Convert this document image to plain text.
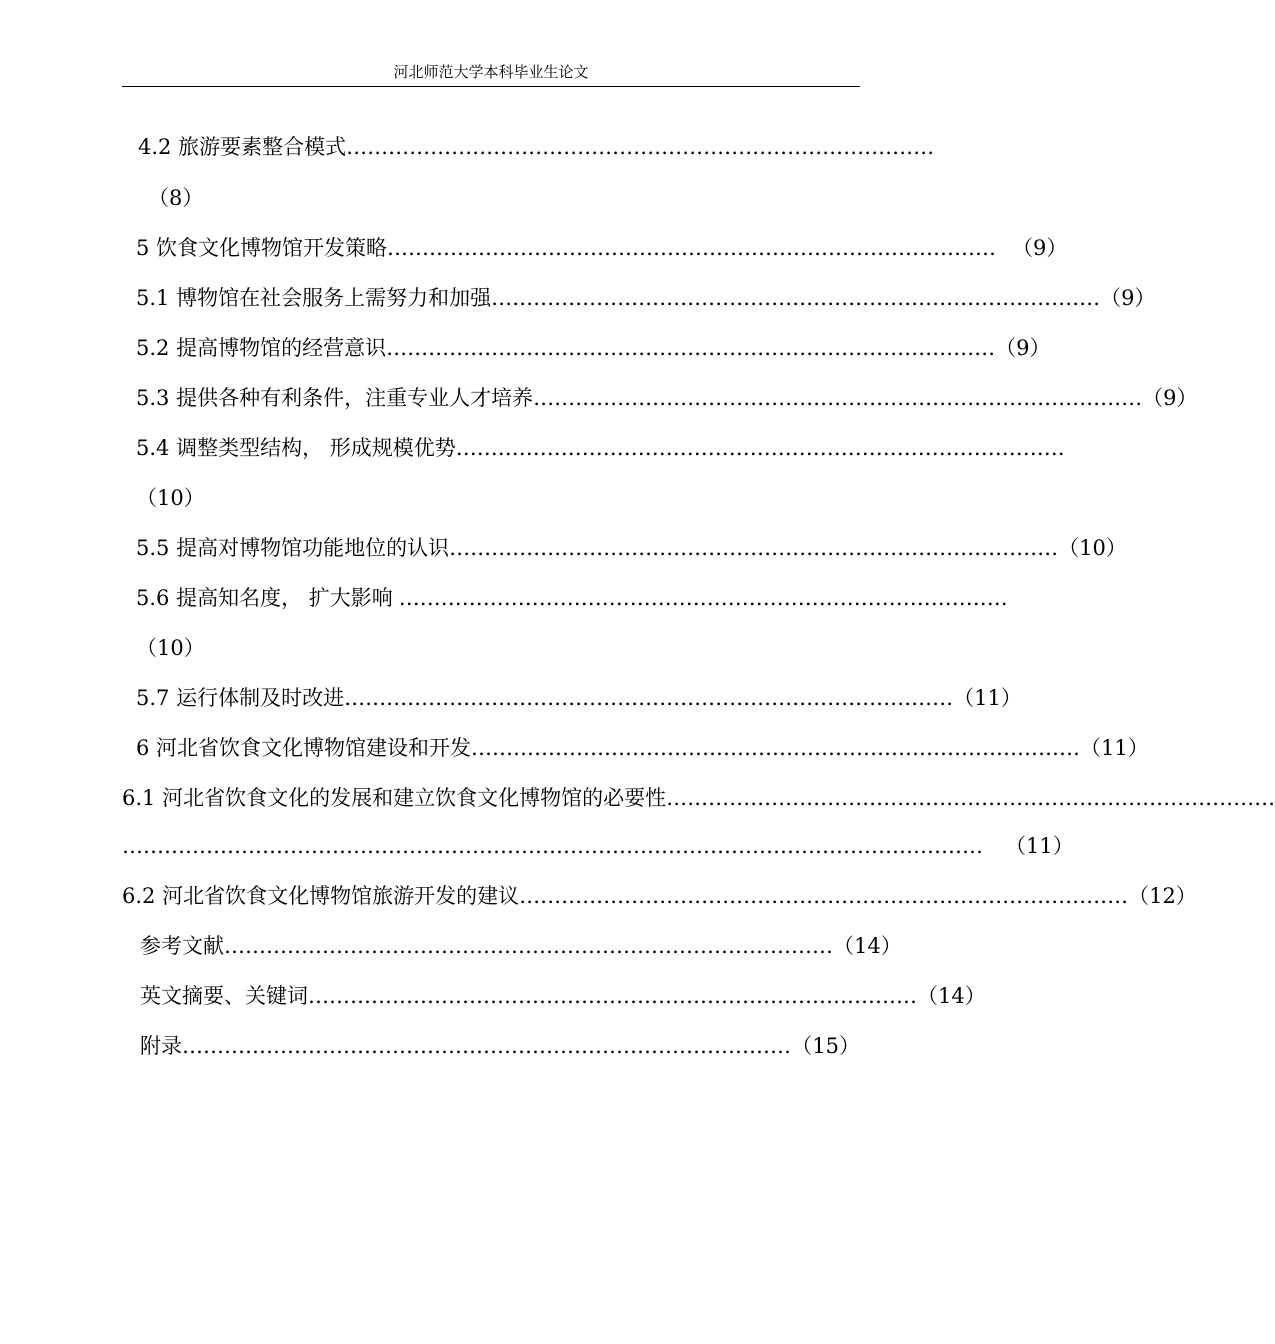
河北师范大学本科毕业生论文
4.2 旅游要素整合模式 …………………………………………………………………………
（8）
5 饮食文化博物馆开发策略 …………………………………………………………………………… （9）
5.1 博物馆在社会服务上需努力和加强 …………………………………………………………………………… （9）
5.2 提高博物馆的经营意识 …………………………………………………………………………… （9）
5.3 提供各种有利条件，注重专业人才培养 …………………………………………………………………………… （9）
5.4 调整类型结构， 形成规模优势 ……………………………………………………………………………
（10）
5.5 提高对博物馆功能地位的认识 …………………………………………………………………………… （10）
5.6 提高知名度， 扩大影响 ……………………………………………………………………………
（10）
5.7 运行体制及时改进 …………………………………………………………………………… （11）
6 河北省饮食文化博物馆建设和开发 …………………………………………………………………………… （11）
6.1 河北省饮食文化的发展和建立饮食文化博物馆的必要性 ……………………………………………………………………………
…………………………………………………………………………………………………………… （11）
6.2 河北省饮食文化博物馆旅游开发的建议 …………………………………………………………………………… （12）
参考文献 …………………………………………………………………………… （14）
英文摘要、关键词 …………………………………………………………………………… （14）
附录 …………………………………………………………………………… （15）
